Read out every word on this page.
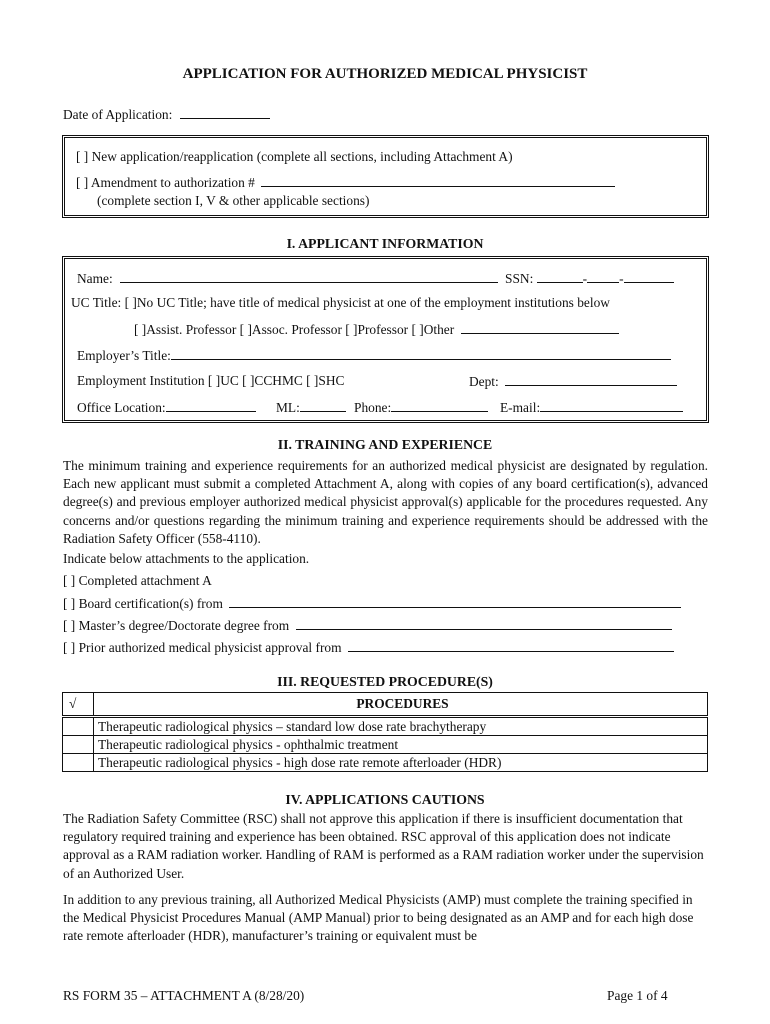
APPLICATION FOR AUTHORIZED MEDICAL PHYSICIST
Date of Application:
[ ] New application/reapplication (complete all sections, including Attachment A)
[ ] Amendment to authorization #
(complete section I, V & other applicable sections)
I. APPLICANT INFORMATION
Name:	SSN:	- -
UC Title: [ ]No UC Title; have title of medical physicist at one of the employment institutions below
[ ]Assist. Professor [ ]Assoc. Professor [ ]Professor [ ]Other
Employer’s Title:
Employment Institution [ ]UC [ ]CCHMC [ ]SHC	Dept:
Office Location:	ML:	Phone:	E-mail:
II. TRAINING AND EXPERIENCE
The minimum training and experience requirements for an authorized medical physicist are designated by regulation. Each new applicant must submit a completed Attachment A, along with copies of any board certification(s), advanced degree(s) and previous employer authorized medical physicist approval(s) applicable for the procedures requested. Any concerns and/or questions regarding the minimum training and experience requirements should be addressed with the Radiation Safety Officer (558-4110).
Indicate below attachments to the application.
[ ] Completed attachment A
[ ] Board certification(s) from
[ ] Master’s degree/Doctorate degree from
[ ] Prior authorized medical physicist approval from
III. REQUESTED PROCEDURE(S)
√	PROCEDURES
	Therapeutic radiological physics – standard low dose rate brachytherapy
	Therapeutic radiological physics - ophthalmic treatment
	Therapeutic radiological physics - high dose rate remote afterloader (HDR)
IV. APPLICATIONS CAUTIONS
The Radiation Safety Committee (RSC) shall not approve this application if there is insufficient documentation that regulatory required training and experience has been obtained. RSC approval of this application does not indicate approval as a RAM radiation worker. Handling of RAM is performed as a RAM radiation worker under the supervision of an Authorized User.
In addition to any previous training, all Authorized Medical Physicists (AMP) must complete the training specified in the Medical Physicist Procedures Manual (AMP Manual) prior to being designated as an AMP and for each high dose rate remote afterloader (HDR), manufacturer’s training or equivalent must be
RS FORM 35 – ATTACHMENT A (8/28/20)	Page 1 of 4
